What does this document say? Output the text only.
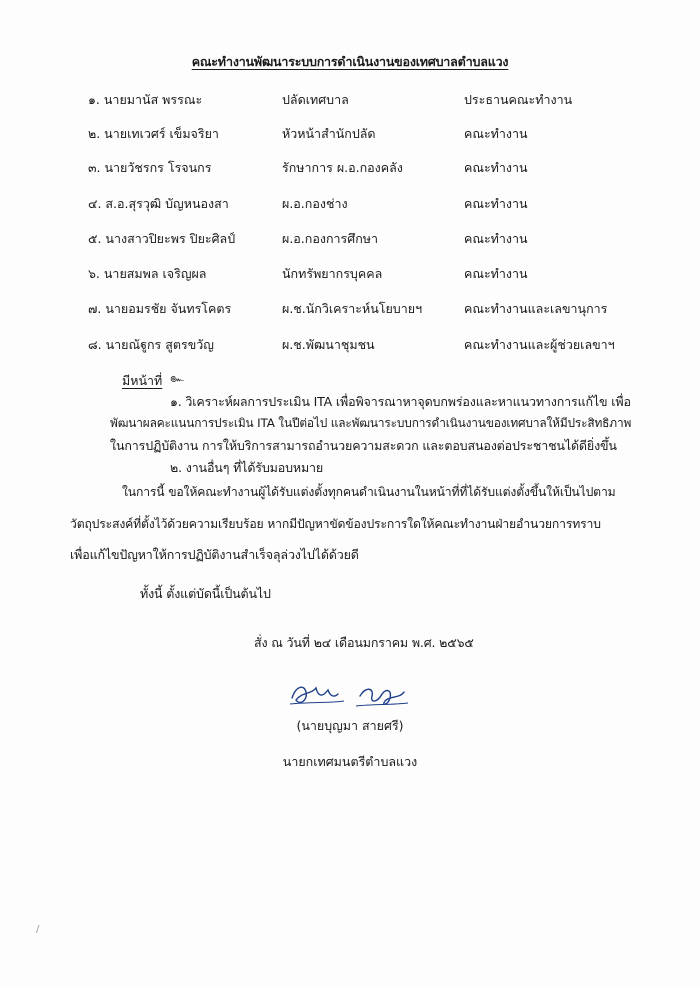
คณะทำงานพัฒนาระบบการดำเนินงานของเทศบาลตำบลแวง
๑. นายมานัส พรรณะ	ปลัดเทศบาล	ประธานคณะทำงาน
๒. นายเทเวศร์ เข็มจริยา	หัวหน้าสำนักปลัด	คณะทำงาน
๓. นายวัชรกร โรจนกร	รักษาการ ผ.อ.กองคลัง	คณะทำงาน
๔. ส.อ.สุรวุฒิ บัญหนองสา	ผ.อ.กองช่าง	คณะทำงาน
๕. นางสาวปิยะพร ปิยะศิลป์	ผ.อ.กองการศึกษา	คณะทำงาน
๖. นายสมพล เจริญผล	นักทรัพยากรบุคคล	คณะทำงาน
๗. นายอมรชัย จันทรโคตร	ผ.ช.นักวิเคราะห์นโยบายฯ	คณะทำงานและเลขานุการ
๘. นายณัฐูกร สูตรขวัญ	ผ.ช.พัฒนาชุมชน	คณะทำงานและผู้ช่วยเลขาฯ
มีหน้าที่ ๛
๑. วิเคราะห์ผลการประเมิน ITA เพื่อพิจารณาหาจุดบกพร่องและหาแนวทางการแก้ไข เพื่อ
พัฒนาผลคะแนนการประเมิน ITA ในปีต่อไป และพัฒนาระบบการดำเนินงานของเทศบาลให้มีประสิทธิภาพ
ในการปฏิบัติงาน การให้บริการสามารถอำนวยความสะดวก และตอบสนองต่อประชาชนได้ดียิ่งขึ้น
๒. งานอื่นๆ ที่ได้รับมอบหมาย
ในการนี้ ขอให้คณะทำงานผู้ได้รับแต่งตั้งทุกคนดำเนินงานในหน้าที่ที่ได้รับแต่งตั้งขึ้นให้เป็นไปตาม
วัตถุประสงค์ที่ตั้งไว้ด้วยความเรียบร้อย หากมีปัญหาขัดข้องประการใดให้คณะทำงานฝ่ายอำนวยการทราบ
เพื่อแก้ไขปัญหาให้การปฏิบัติงานสำเร็จลุล่วงไปได้ด้วยดี
ทั้งนี้ ตั้งแต่บัดนี้เป็นต้นไป
สั่ง ณ วันที่ ๒๔ เดือนมกราคม พ.ศ. ๒๕๖๕
(นายบุญมา สายศรี)
นายกเทศมนตรีตำบลแวง
/
